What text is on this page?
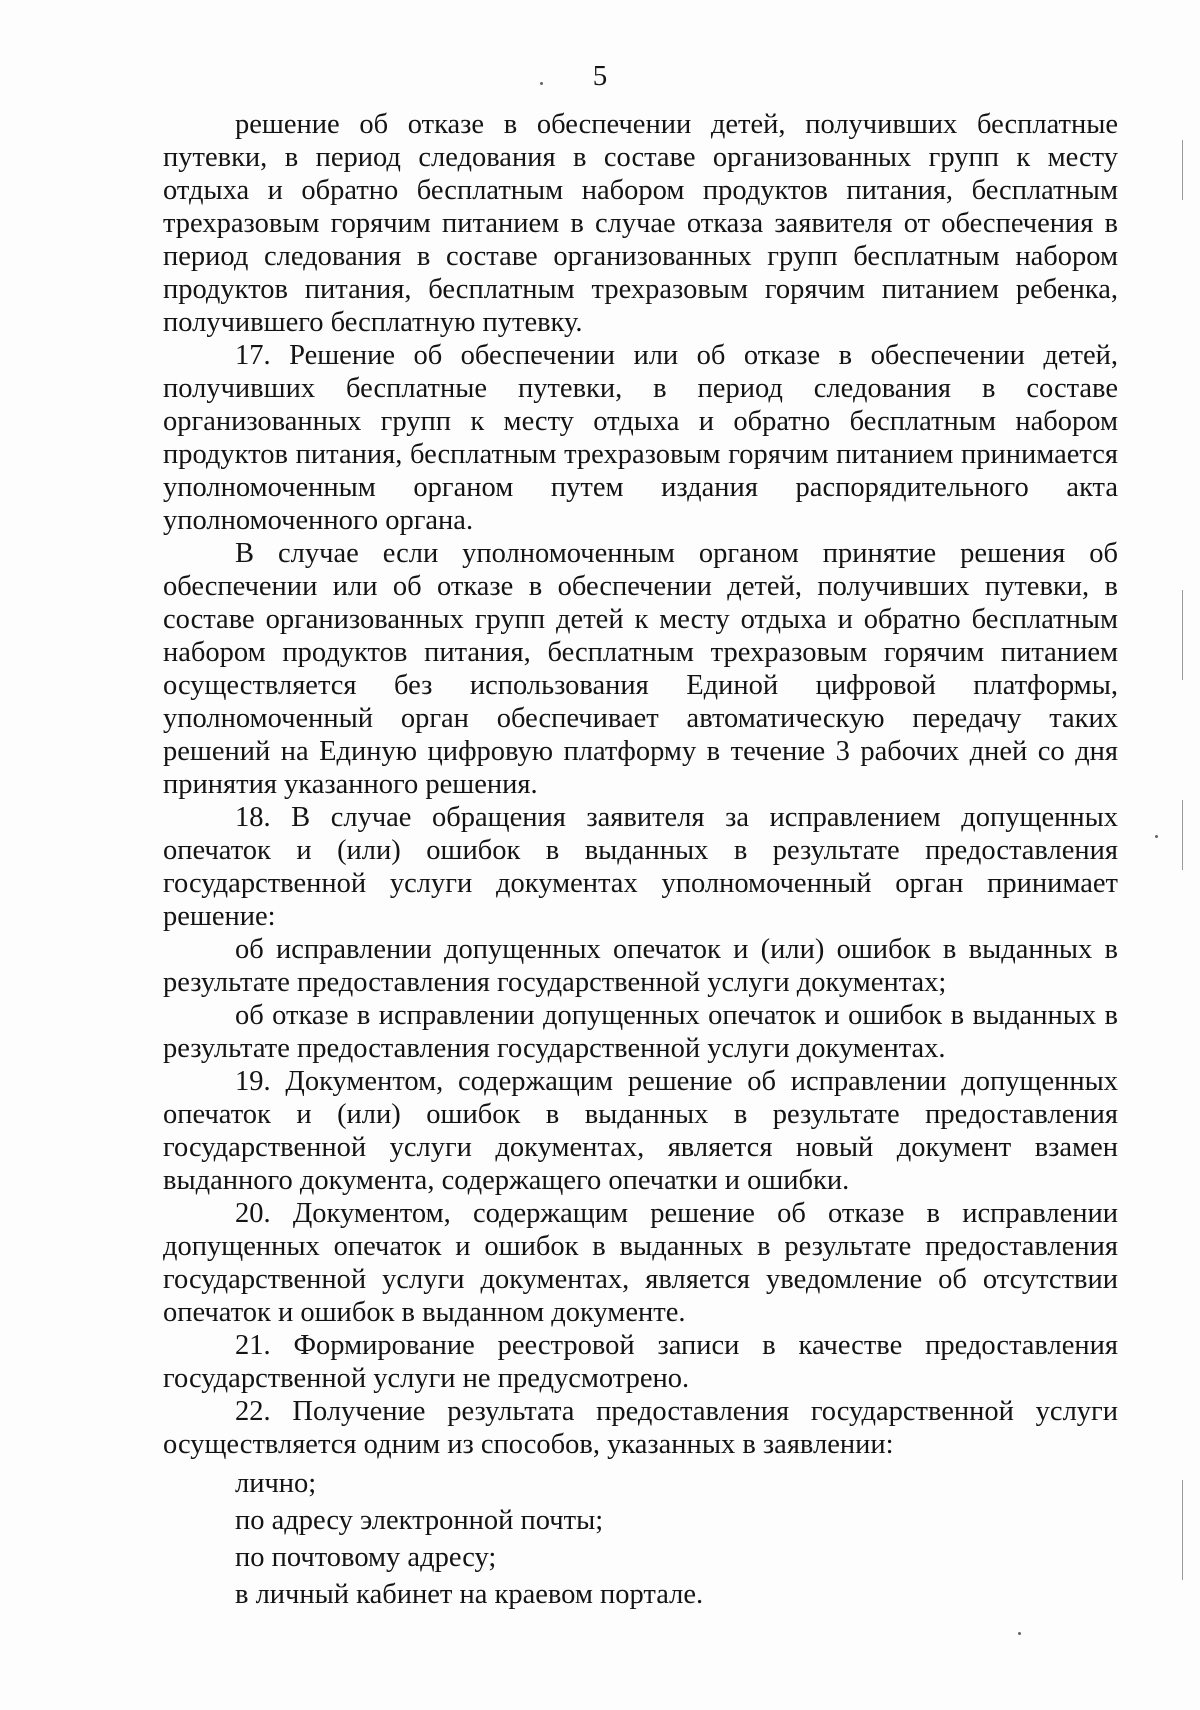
5

решение об отказе в обеспечении детей, получивших бесплатные путевки, в период следования в составе организованных групп к месту отдыха и обратно бесплатным набором продуктов питания, бесплатным трехразовым горячим питанием в случае отказа заявителя от обеспечения в период следования в составе организованных групп бесплатным набором продуктов питания, бесплатным трехразовым горячим питанием ребенка, получившего бесплатную путевку.

17. Решение об обеспечении или об отказе в обеспечении детей, получивших бесплатные путевки, в период следования в составе организованных групп к месту отдыха и обратно бесплатным набором продуктов питания, бесплатным трехразовым горячим питанием принимается уполномоченным органом путем издания распорядительного акта уполномоченного органа.

В случае если уполномоченным органом принятие решения об обеспечении или об отказе в обеспечении детей, получивших путевки, в составе организованных групп детей к месту отдыха и обратно бесплатным набором продуктов питания, бесплатным трехразовым горячим питанием осуществляется без использования Единой цифровой платформы, уполномоченный орган обеспечивает автоматическую передачу таких решений на Единую цифровую платформу в течение 3 рабочих дней со дня принятия указанного решения.

18. В случае обращения заявителя за исправлением допущенных опечаток и (или) ошибок в выданных в результате предоставления государственной услуги документах уполномоченный орган принимает решение:

об исправлении допущенных опечаток и (или) ошибок в выданных в результате предоставления государственной услуги документах;

об отказе в исправлении допущенных опечаток и ошибок в выданных в результате предоставления государственной услуги документах.

19. Документом, содержащим решение об исправлении допущенных опечаток и (или) ошибок в выданных в результате предоставления государственной услуги документах, является новый документ взамен выданного документа, содержащего опечатки и ошибки.

20. Документом, содержащим решение об отказе в исправлении допущенных опечаток и ошибок в выданных в результате предоставления государственной услуги документах, является уведомление об отсутствии опечаток и ошибок в выданном документе.

21. Формирование реестровой записи в качестве предоставления государственной услуги не предусмотрено.

22. Получение результата предоставления государственной услуги осуществляется одним из способов, указанных в заявлении:

лично;

по адресу электронной почты;

по почтовому адресу;

в личный кабинет на краевом портале.
